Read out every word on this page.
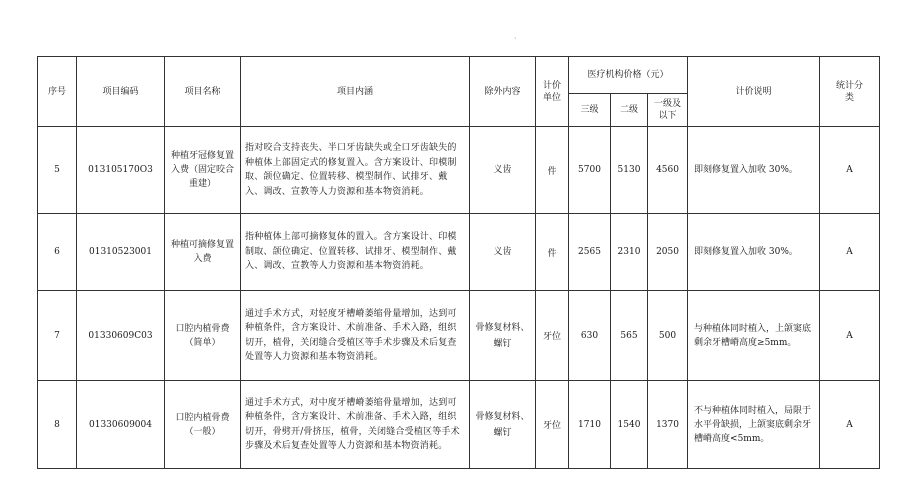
·
序号	项目编码	项目名称	项目内涵	除外内容	计价单位	医疗机构价格（元）			计价说明	统计分类
						三级	二级	一级及以下		
5	013105170O3	种植牙冠修复置入费（固定咬合重建）	指对咬合支持丧失、半口牙齿缺失或全口牙齿缺失的种植体上部固定式的修复置入。含方案设计、印模制取、颌位确定、位置转移、模型制作、试排牙、戴入、调改、宣教等人力资源和基本物资消耗。	义齿	件	5700	5130	4560	即刻修复置入加收 30%。	A
6	01310523001	种植可摘修复置入费	指种植体上部可摘修复体的置入。含方案设计、印模制取、颌位确定、位置转移、试排牙、模型制作、戴入、调改、宣教等人力资源和基本物资消耗。	义齿	件	2565	2310	2050	即刻修复置入加收 30%。	A
7	01330609C03	口腔内植骨费（简单）	通过手术方式，对轻度牙槽嵴萎缩骨量增加，达到可种植条件，含方案设计、术前准备、手术入路，组织切开，植骨，关闭缝合受植区等手术步骤及术后复查处置等人力资源和基本物资消耗。	骨修复材料、螺钉	牙位	630	565	500	与种植体同时植入，上颌窦底剩余牙槽嵴高度≥5mm。	A
8	01330609004	口腔内植骨费（一般）	通过手术方式，对中度牙槽嵴萎缩骨量增加，达到可种植条件，含方案设计、术前准备、手术入路，组织切开，骨劈开/骨挤压，植骨，关闭缝合受植区等手术步骤及术后复查处置等人力资源和基本物资消耗。	骨修复材料、螺钉	牙位	1710	1540	1370	不与种植体同时植入，局限于水平骨缺损，上颌窦底剩余牙槽嵴高度<5mm。	A
